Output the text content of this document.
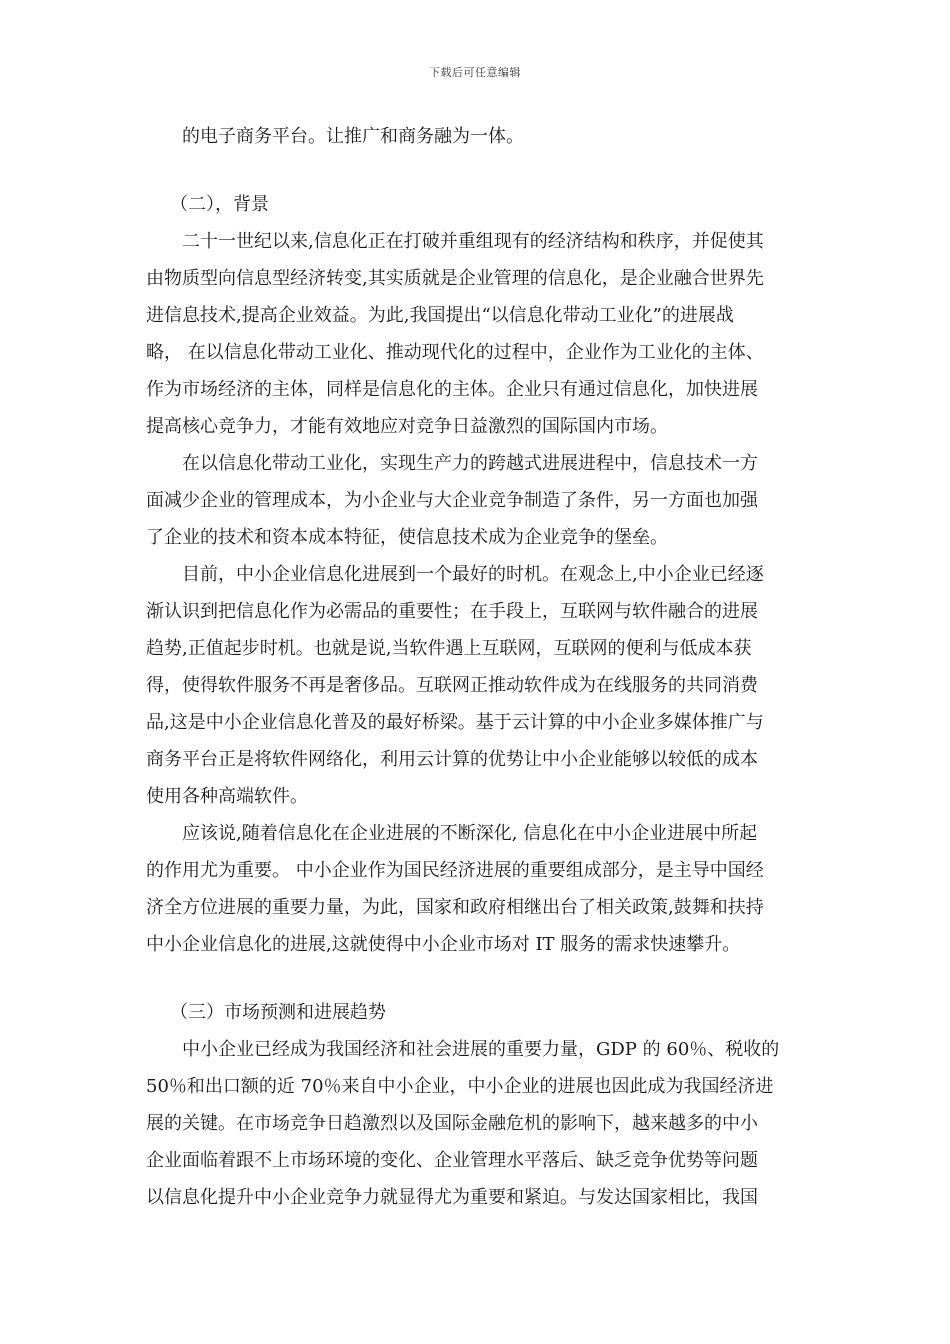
下载后可任意编辑
的电子商务平台。让推广和商务融为一体。
（二），背景
二十一世纪以来,信息化正在打破并重组现有的经济结构和秩序，并促使其
由物质型向信息型经济转变,其实质就是企业管理的信息化，是企业融合世界先
进信息技术,提高企业效益。为此,我国提出“以信息化带动工业化”的进展战
略， 在以信息化带动工业化、推动现代化的过程中，企业作为工业化的主体、
作为市场经济的主体，同样是信息化的主体。企业只有通过信息化，加快进展
提高核心竞争力，才能有效地应对竞争日益激烈的国际国内市场。
在以信息化带动工业化，实现生产力的跨越式进展进程中，信息技术一方
面减少企业的管理成本，为小企业与大企业竞争制造了条件，另一方面也加强
了企业的技术和资本成本特征，使信息技术成为企业竞争的堡垒。
目前，中小企业信息化进展到一个最好的时机。在观念上,中小企业已经逐
渐认识到把信息化作为必需品的重要性；在手段上，互联网与软件融合的进展
趋势,正值起步时机。也就是说,当软件遇上互联网，互联网的便利与低成本获
得，使得软件服务不再是奢侈品。互联网正推动软件成为在线服务的共同消费
品,这是中小企业信息化普及的最好桥梁。基于云计算的中小企业多媒体推广与
商务平台正是将软件网络化，利用云计算的优势让中小企业能够以较低的成本
使用各种高端软件。
应该说,随着信息化在企业进展的不断深化, 信息化在中小企业进展中所起
的作用尤为重要。 中小企业作为国民经济进展的重要组成部分，是主导中国经
济全方位进展的重要力量，为此，国家和政府相继出台了相关政策,鼓舞和扶持
中小企业信息化的进展,这就使得中小企业市场对 IT 服务的需求快速攀升。
（三）市场预测和进展趋势
中小企业已经成为我国经济和社会进展的重要力量，GDP 的 60％、税收的
50％和出口额的近 70％来自中小企业，中小企业的进展也因此成为我国经济进
展的关键。在市场竞争日趋激烈以及国际金融危机的影响下，越来越多的中小
企业面临着跟不上市场环境的变化、企业管理水平落后、缺乏竞争优势等问题
以信息化提升中小企业竞争力就显得尤为重要和紧迫。与发达国家相比，我国
